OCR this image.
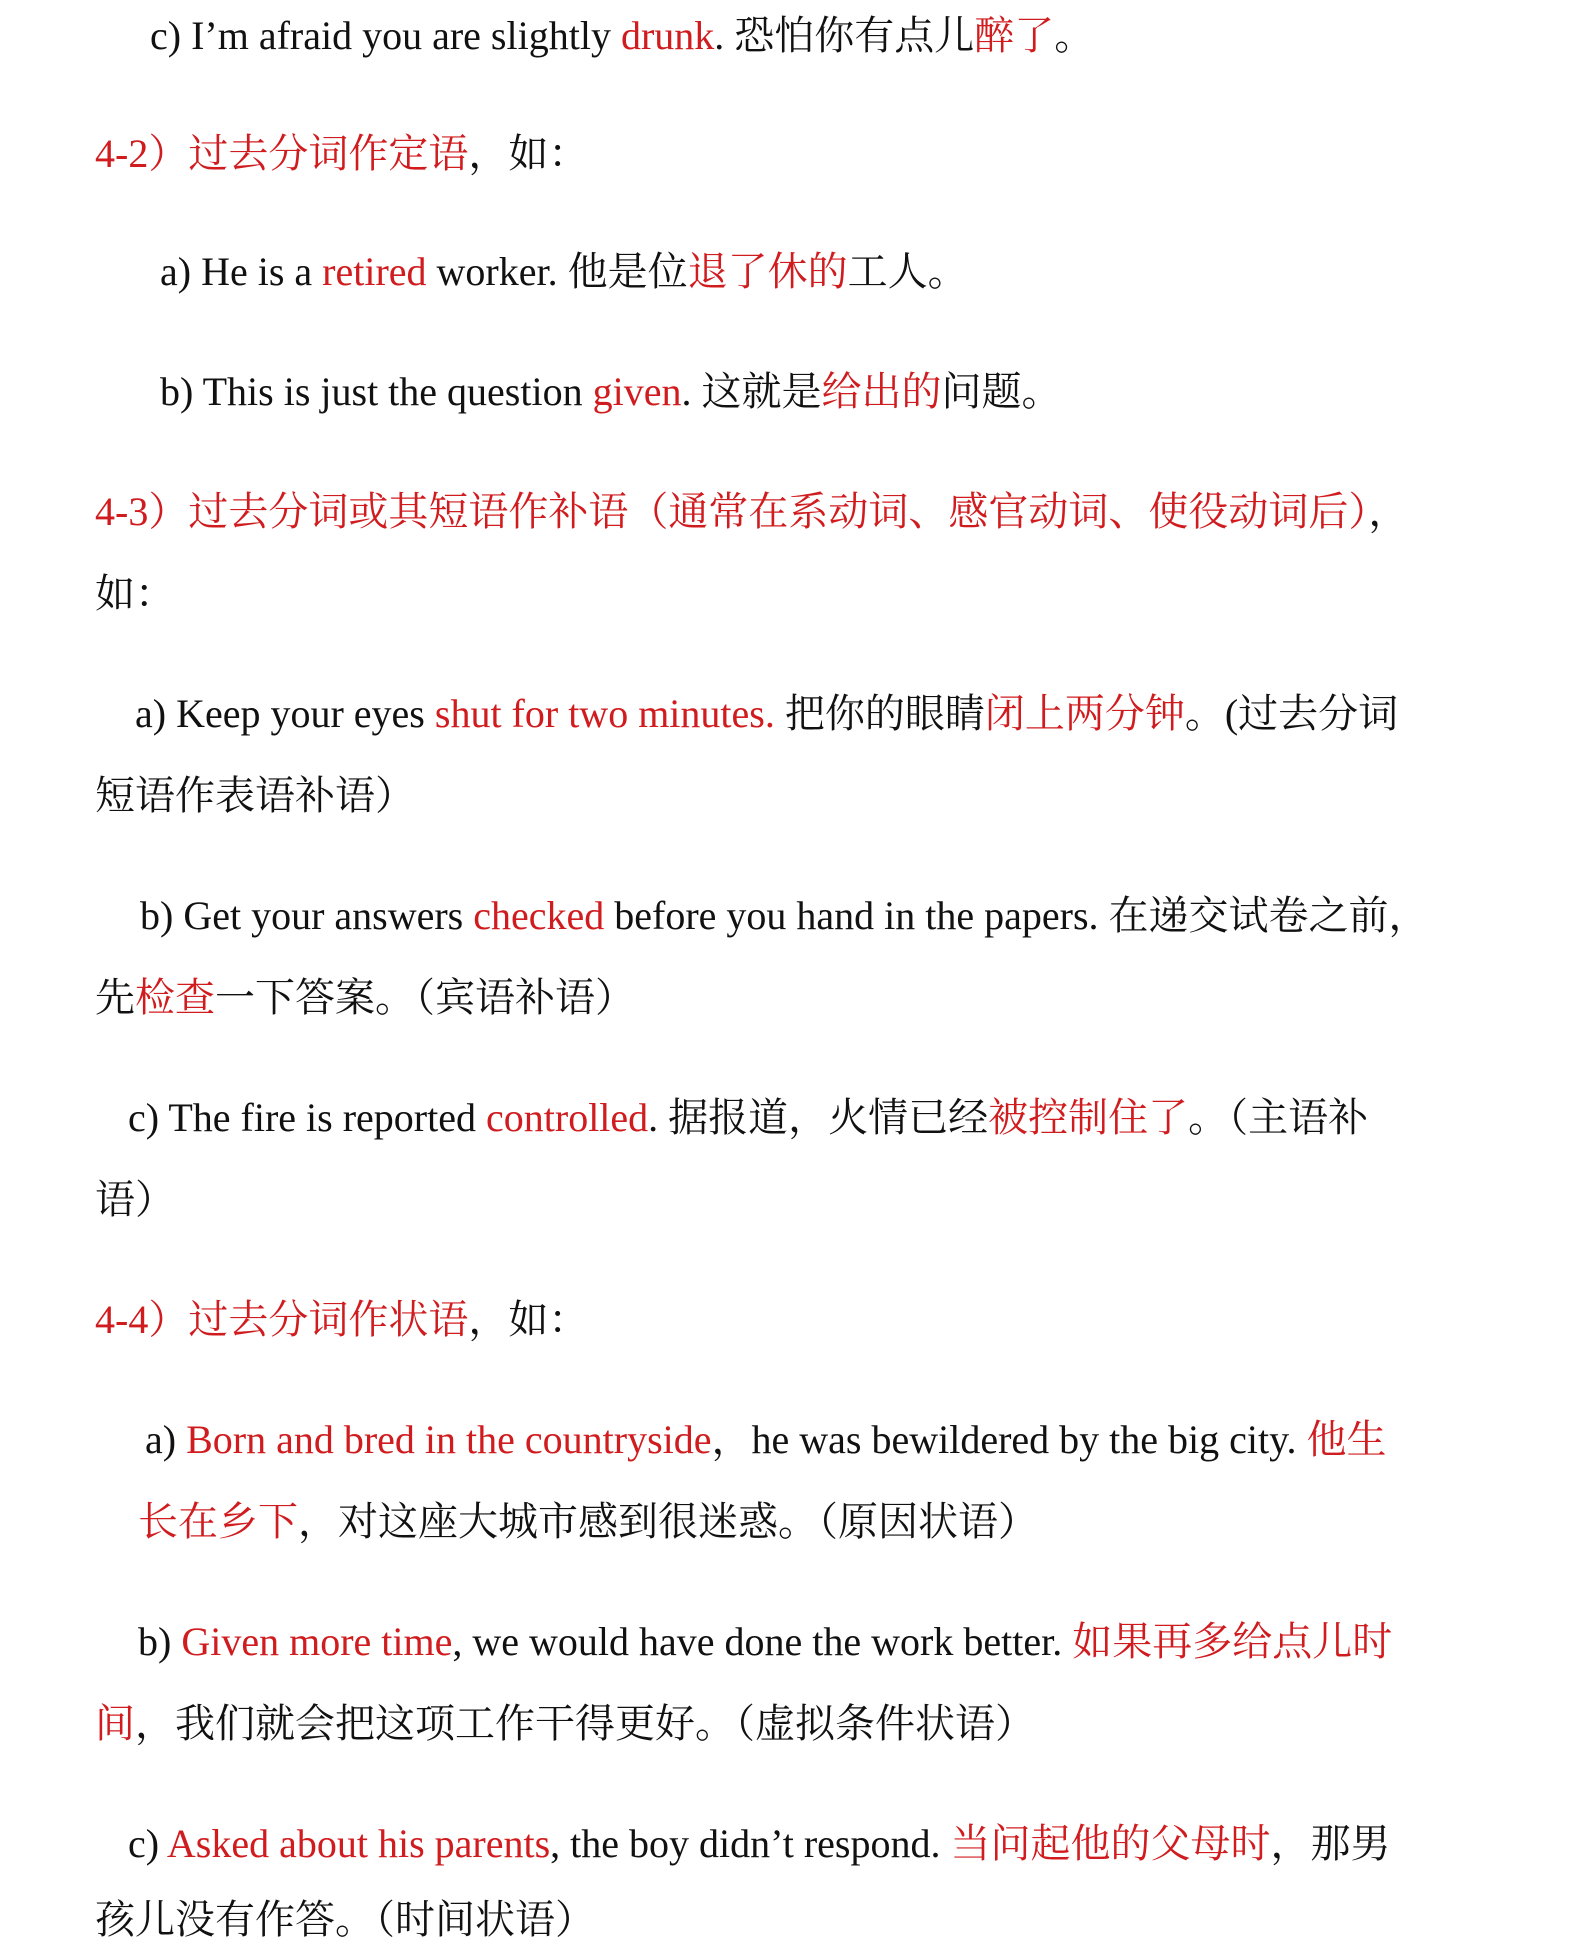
c) I’m afraid you are slightly drunk. 恐怕你有点儿醉了。

4-2）过去分词作定语，如：

a) He is a retired worker. 他是位退了休的工人。

b) This is just the question given. 这就是给出的问题。

4-3）过去分词或其短语作补语（通常在系动词、感官动词、使役动词后），

如：

a) Keep your eyes shut for two minutes. 把你的眼睛闭上两分钟。(过去分词

短语作表语补语）

b) Get your answers checked before you hand in the papers. 在递交试卷之前，

先检查一下答案。（宾语补语）

c) The fire is reported controlled. 据报道，火情已经被控制住了。（主语补

语）

4-4）过去分词作状语，如：

a) Born and bred in the countryside，he was bewildered by the big city. 他生

长在乡下，对这座大城市感到很迷惑。（原因状语）

b) Given more time, we would have done the work better. 如果再多给点儿时

间，我们就会把这项工作干得更好。（虚拟条件状语）

c) Asked about his parents, the boy didn’t respond. 当问起他的父母时，那男

孩儿没有作答。（时间状语）
